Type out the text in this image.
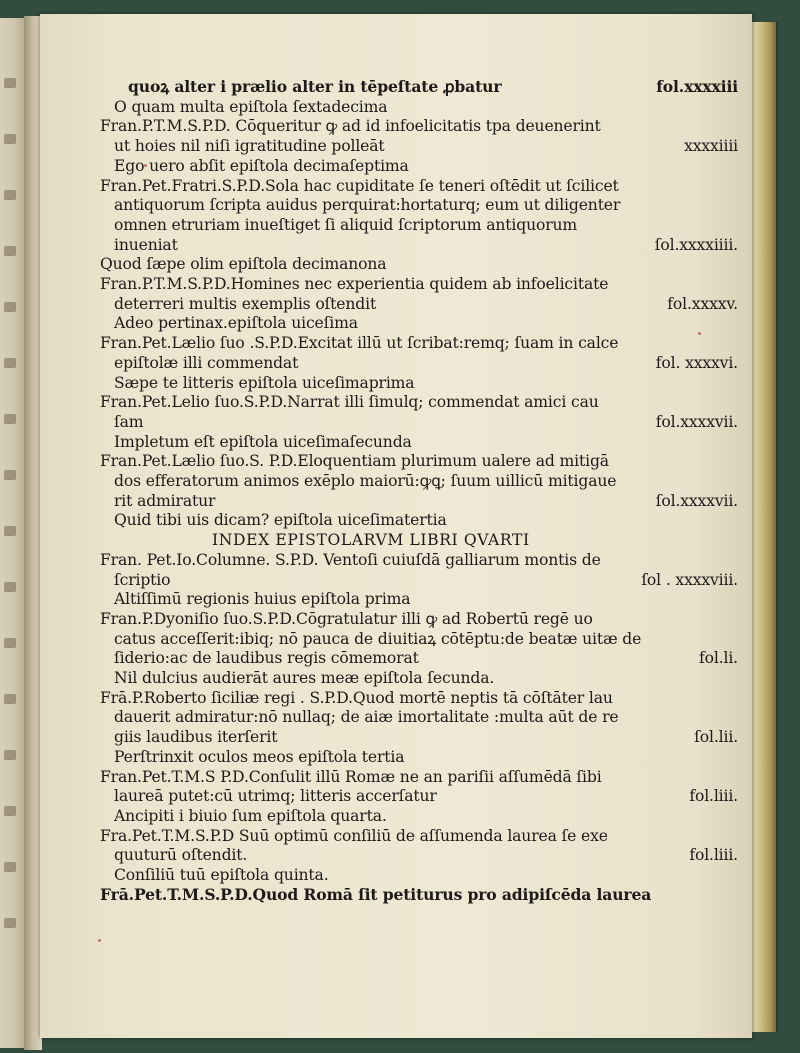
quoꝝ alter i prælio alter in tēpeſtate ꝓbatur	fol.xxxxiii
O quam multa epiſtola ſextadecima
Fran.P.T.M.S.P.D. Cōqueritur ꝙ ad id infoelicitatis tpa deuenerint
ut hoies nil niſi igratitudine polleāt	xxxxiiii
Ego uero abſit epiſtola decimaſeptima
Fran.Pet.Fratri.S.P.D.Sola hac cupiditate ſe teneri oſtēdit ut ſcilicet
antiquorum ſcripta auidus perquirat:hortaturq; eum ut diligenter
omnen etruriam inueſtiget ſi aliquid ſcriptorum antiquorum
inueniat	ſol.xxxxiiii.
Quod ſæpe olim epiſtola decimanona
Fran.P.T.M.S.P.D.Homines nec experientia quidem ab infoelicitate
deterreri multis exemplis oſtendit	fol.xxxxv.
Adeo pertinax.epiſtola uiceſima
Fran.Pet.Lælio ſuo .S.P.D.Excitat illū ut ſcribat:remq; ſuam in calce
epiſtolæ illi commendat	fol. xxxxvi.
Sæpe te litteris epiſtola uiceſimaprima
Fran.Pet.Lelio ſuo.S.P.D.Narrat illi ſimulq; commendat amici cau
ſam	fol.xxxxvii.
Impletum eſt epiſtola uiceſimaſecunda
Fran.Pet.Lælio ſuo.S. P.D.Eloquentiam plurimum ualere ad mitigā
dos efferatorum animos exēplo maiorū:ꝙꝗ; ſuum uillicū mitigaue
rit admiratur	ſol.xxxxvii.
Quid tibi uis dicam? epiſtola uiceſimatertia
INDEX EPISTOLARVM LIBRI QVARTI
Fran. Pet.Io.Columne. S.P.D. Ventoſi cuiuſdā galliarum montis de
ſcriptio	ſol . xxxxviii.
Altiſſimū regionis huius epiſtola prima
Fran.P.Dyoniſio ſuo.S.P.D.Cōgratulatur illi ꝙ ad Robertū regē uo
catus acceſſerit:ibiq; nō pauca de diuitiaꝝ cōtēptu:de beatæ uitæ de
ſiderio:ac de laudibus regis cōmemorat	fol.li.
Nil dulcius audierāt aures meæ epiſtola ſecunda.
Frā.P.Roberto ſiciliæ regi . S.P.D.Quod mortē neptis tā cōſtāter lau
dauerit admiratur:nō nullaq; de aiæ imortalitate :multa aūt de re
giis laudibus iterſerit	ſol.lii.
Perſtrinxit oculos meos epiſtola tertia
Fran.Pet.T.M.S P.D.Conſulit illū Romæ ne an pariſii aſſumēdā ſibi
laureā putet:cū utrimq; litteris accerſatur	fol.liii.
Ancipiti i biuio ſum epiſtola quarta.
Fra.Pet.T.M.S.P.D Suū optimū conſiliū de aſſumenda laurea ſe exe
quuturū oſtendit.	fol.liii.
Conſiliū tuū epiſtola quinta.
Frā.Pet.T.M.S.P.D.Quod Romā ſit petiturus pro adipiſcēda laurea
